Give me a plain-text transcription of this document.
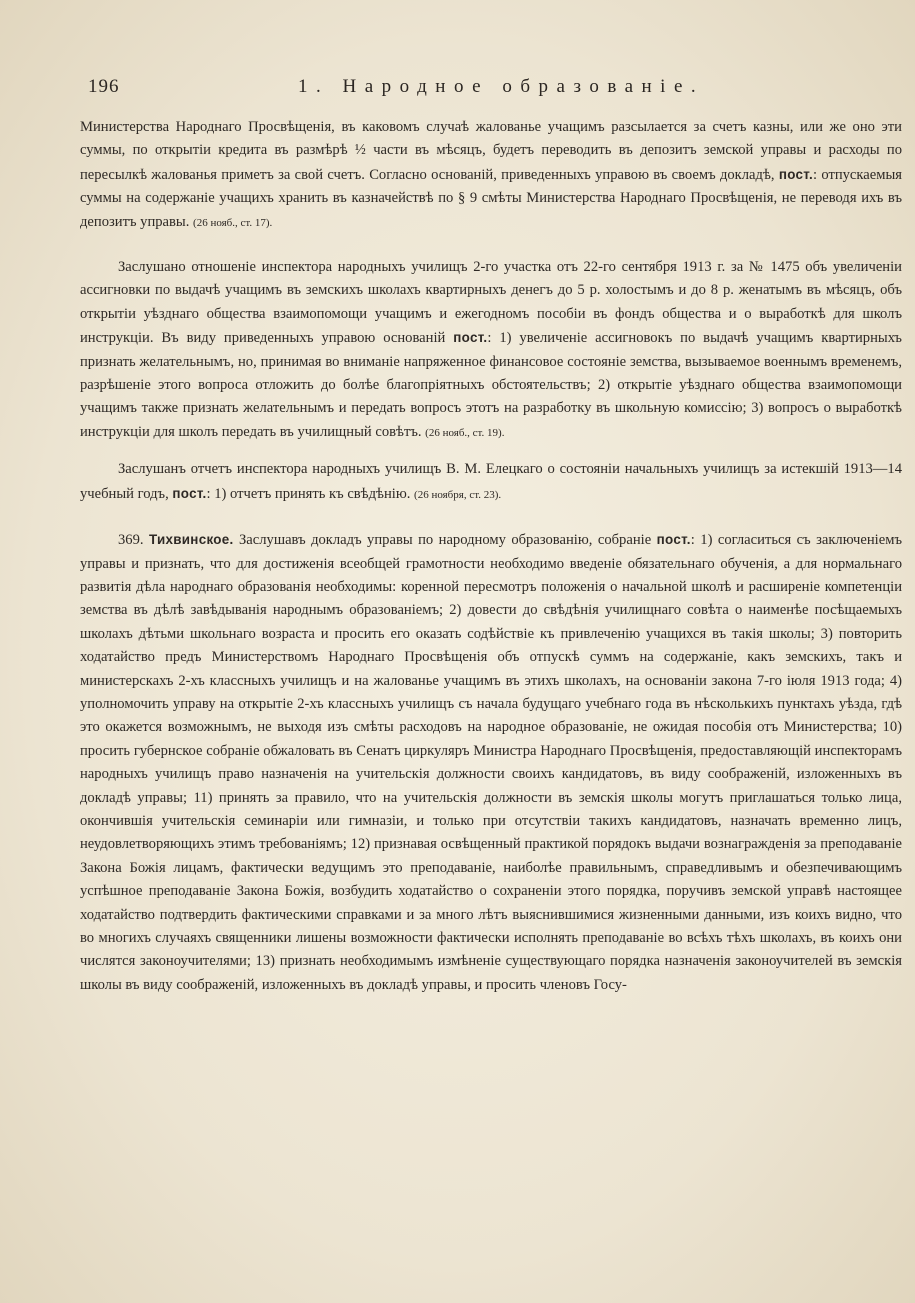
196	1. Народное образованіе.

Министерства Народнаго Просвѣщенія, въ каковомъ случаѣ жалованье учащимъ разсылается за счетъ казны, или же оно эти суммы, по открытіи кредита въ размѣрѣ ½ части въ мѣсяцъ, будетъ переводить въ депозитъ земской управы и расходы по пересылкѣ жалованья приметъ за свой счетъ. Согласно основаній, приведенныхъ управою въ своемъ докладѣ, пост.: отпускаемыя суммы на содержаніе учащихъ хранить въ казначействѣ по § 9 смѣты Министерства Народнаго Просвѣщенія, не переводя ихъ въ депозитъ управы. (26 нояб., ст. 17).

Заслушано отношеніе инспектора народныхъ училищъ 2-го участка отъ 22-го сентября 1913 г. за № 1475 объ увеличеніи ассигновки по выдачѣ учащимъ въ земскихъ школахъ квартирныхъ денегъ до 5 р. холостымъ и до 8 р. женатымъ въ мѣсяцъ, объ открытіи уѣзднаго общества взаимопомощи учащимъ и ежегодномъ пособіи въ фондъ общества и о выработкѣ для школъ инструкціи. Въ виду приведенныхъ управою основаній пост.: 1) увеличеніе ассигновокъ по выдачѣ учащимъ квартирныхъ признать желательнымъ, но, принимая во вниманіе напряженное финансовое состояніе земства, вызываемое военнымъ временемъ, разрѣшеніе этого вопроса отложить до болѣе благопріятныхъ обстоятельствъ; 2) открытіе уѣзднаго общества взаимопомощи учащимъ также признать желательнымъ и передать вопросъ этотъ на разработку въ школьную комиссію; 3) вопросъ о выработкѣ инструкціи для школъ передать въ училищный совѣтъ. (26 нояб., ст. 19).

Заслушанъ отчетъ инспектора народныхъ училищъ В. М. Елецкаго о состояніи начальныхъ училищъ за истекшій 1913—14 учебный годъ, пост.: 1) отчетъ принять къ свѣдѣнію. (26 ноября, ст. 23).

369. Тихвинское. Заслушавъ докладъ управы по народному образованію, собраніе пост.: 1) согласиться съ заключеніемъ управы и признать, что для достиженія всеобщей грамотности необходимо введеніе обязательнаго обученія, а для нормальнаго развитія дѣла народнаго образованія необходимы: коренной пересмотръ положенія о начальной школѣ и расширеніе компетенціи земства въ дѣлѣ завѣдыванія народнымъ образованіемъ; 2) довести до свѣдѣнія училищнаго совѣта о наименѣе посѣщаемыхъ школахъ дѣтьми школьнаго возраста и просить его оказать содѣйствіе къ привлеченію учащихся въ такія школы; 3) повторить ходатайство предъ Министерствомъ Народнаго Просвѣщенія объ отпускѣ суммъ на содержаніе, какъ земскихъ, такъ и министерскахъ 2-хъ классныхъ училищъ и на жалованье учащимъ въ этихъ школахъ, на основаніи закона 7-го іюля 1913 года; 4) уполномочить управу на открытіе 2-хъ классныхъ училищъ съ начала будущаго учебнаго года въ нѣсколькихъ пунктахъ уѣзда, гдѣ это окажется возможнымъ, не выходя изъ смѣты расходовъ на народное образованіе, не ожидая пособія отъ Министерства; 10) просить губернское собраніе обжаловать въ Сенатъ циркуляръ Министра Народнаго Просвѣщенія, предоставляющій инспекторамъ народныхъ училищъ право назначенія на учительскія должности своихъ кандидатовъ, въ виду соображеній, изложенныхъ въ докладѣ управы; 11) принять за правило, что на учительскія должности въ земскія школы могутъ приглашаться только лица, окончившія учительскія семинаріи или гимназіи, и только при отсутствіи такихъ кандидатовъ, назначать временно лицъ, неудовлетворяющихъ этимъ требованіямъ; 12) признавая освѣщенный практикой порядокъ выдачи вознагражденія за преподаваніе Закона Божія лицамъ, фактически ведущимъ это преподаваніе, наиболѣе правильнымъ, справедливымъ и обезпечивающимъ успѣшное преподаваніе Закона Божія, возбудить ходатайство о сохраненіи этого порядка, поручивъ земской управѣ настоящее ходатайство подтвердить фактическими справками и за много лѣтъ выяснившимися жизненными данными, изъ коихъ видно, что во многихъ случаяхъ священники лишены возможности фактически исполнять преподаваніе во всѣхъ тѣхъ школахъ, въ коихъ они числятся законоучителями; 13) признать необходимымъ измѣненіе существующаго порядка назначенія законоучителей въ земскія школы въ виду соображеній, изложенныхъ въ докладѣ управы, и просить членовъ Госу-
